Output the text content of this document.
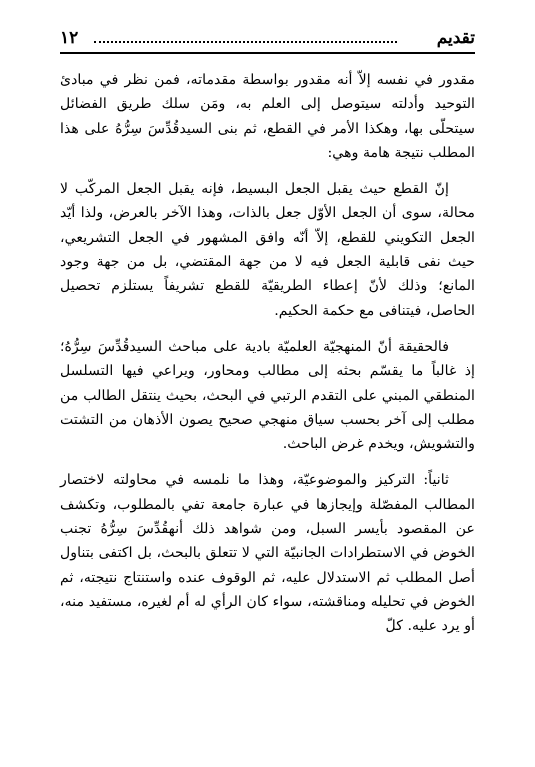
تقديم
١٢

مقدور في نفسه إلاّ أنه مقدور بواسطة مقدماته، فمن نظر في مبادئ التوحيد وأدلته سيتوصل إلى العلم به، ومَن سلك طريق الفضائل سيتحلّى بها، وهكذا الأمر في القطع، ثم بنى السيدقُدِّسَ سِرُّهُ على هذا المطلب نتيجة هامة وهي:

إنّ القطع حيث يقبل الجعل البسيط، فإنه يقبل الجعل المركّب لا محالة، سوى أن الجعل الأوّل جعل بالذات، وهذا الآخر بالعرض، ولذا أيّد الجعل التكويني للقطع، إلاّ أنّه وافق المشهور في الجعل التشريعي، حيث نفى قابلية الجعل فيه لا من جهة المقتضي، بل من جهة وجود المانع؛ وذلك لأنّ إعطاء الطريقيّة للقطع تشريفاً يستلزم تحصيل الحاصل، فيتنافى مع حكمة الحكيم.

فالحقيقة أنّ المنهجيّة العلميّة بادية على مباحث السيدقُدِّسَ سِرُّهُ؛ إذ غالباً ما يقسّم بحثه إلى مطالب ومحاور، ويراعي فيها التسلسل المنطقي المبني على التقدم الرتبي في البحث، بحيث ينتقل الطالب من مطلب إلى آخر بحسب سياق منهجي صحيح يصون الأذهان من التشتت والتشويش، ويخدم غرض الباحث.

ثانياً: التركيز والموضوعيّة، وهذا ما نلمسه في محاولته لاختصار المطالب المفصّلة وإيجازها في عبارة جامعة تفي بالمطلوب، وتكشف عن المقصود بأيسر السبل، ومن شواهد ذلك أنهقُدِّسَ سِرُّهُ تجنب الخوض في الاستطرادات الجانبيّة التي لا تتعلق بالبحث، بل اكتفى بتناول أصل المطلب ثم الاستدلال عليه، ثم الوقوف عنده واستنتاج نتيجته، ثم الخوض في تحليله ومناقشته، سواء كان الرأي له أم لغيره، مستفيد منه، أو يرد عليه. كلّ
